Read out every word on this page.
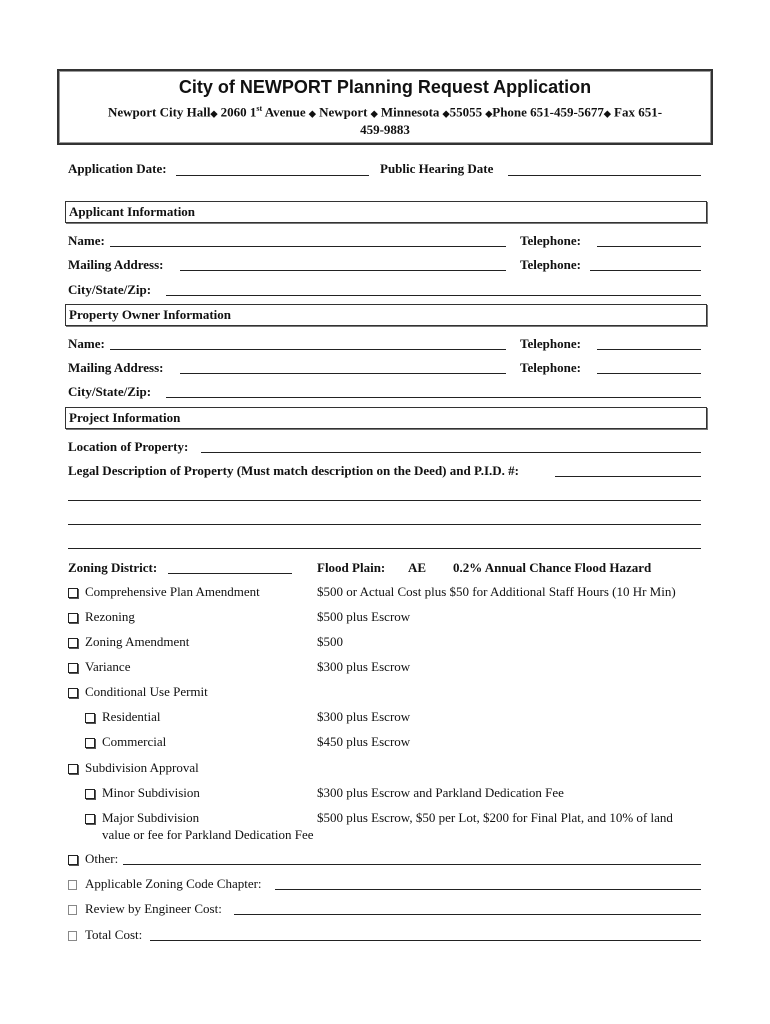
City of NEWPORT Planning Request Application
Newport City Hall◆ 2060 1st Avenue ◆ Newport ◆ Minnesota ◆55055 ◆Phone 651-459-5677◆ Fax 651-
459-9883
Application Date:	Public Hearing Date
Applicant Information
Name:	Telephone:
Mailing Address:	Telephone:
City/State/Zip:
Property Owner Information
Name:	Telephone:
Mailing Address:	Telephone:
City/State/Zip:
Project Information
Location of Property:
Legal Description of Property (Must match description on the Deed) and P.I.D. #:
Zoning District:	Flood Plain: AE 0.2% Annual Chance Flood Hazard
Comprehensive Plan Amendment	$500 or Actual Cost plus $50 for Additional Staff Hours (10 Hr Min)
Rezoning	$500 plus Escrow
Zoning Amendment	$500
Variance	$300 plus Escrow
Conditional Use Permit
Residential	$300 plus Escrow
Commercial	$450 plus Escrow
Subdivision Approval
Minor Subdivision	$300 plus Escrow and Parkland Dedication Fee
Major Subdivision	$500 plus Escrow, $50 per Lot, $200 for Final Plat, and 10% of land
value or fee for Parkland Dedication Fee
Other:
Applicable Zoning Code Chapter:
Review by Engineer Cost:
Total Cost:
